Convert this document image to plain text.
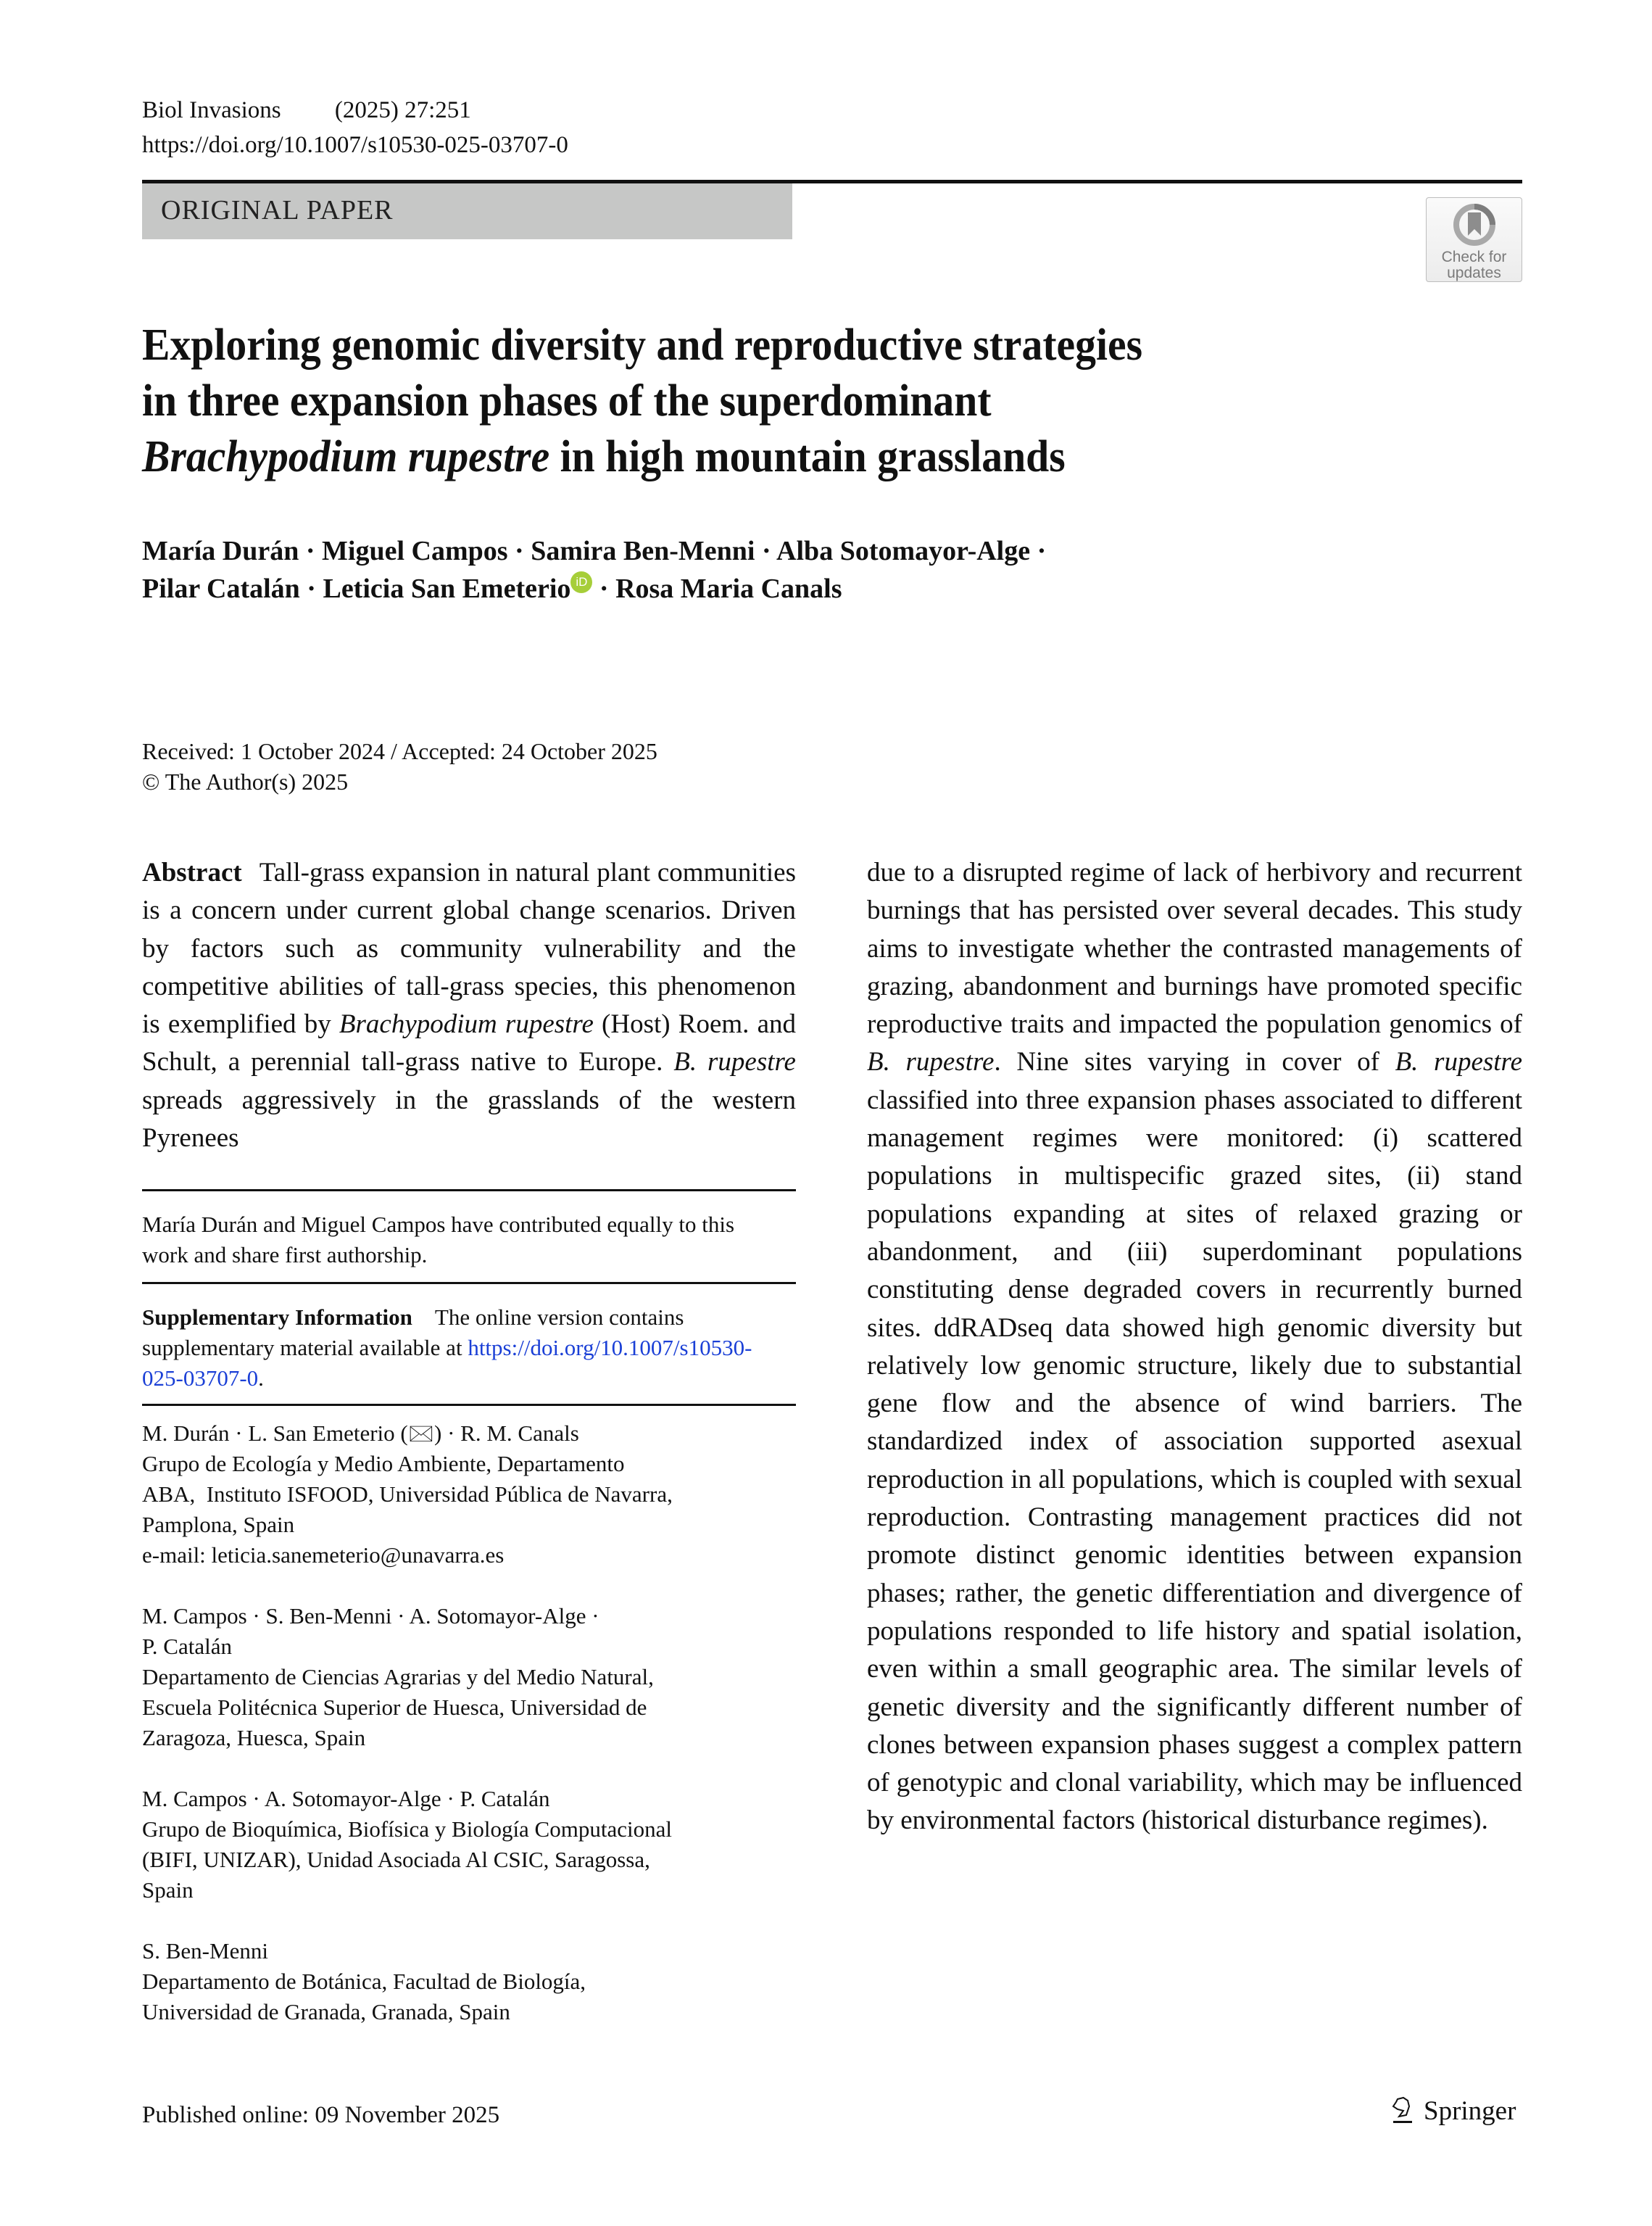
Biol Invasions (2025) 27:251
https://doi.org/10.1007/s10530-025-03707-0
ORIGINAL PAPER
Check for
updates
Exploring genomic diversity and reproductive strategies
in three expansion phases of the superdominant
Brachypodium rupestre in high mountain grasslands
María Durán · Miguel Campos · Samira Ben-Menni · Alba Sotomayor-Alge ·
Pilar Catalán · Leticia San Emeterio iD · Rosa Maria Canals
Received: 1 October 2024 / Accepted: 24 October 2025
© The Author(s) 2025
Abstract Tall-grass expansion in natural plant communities is a concern under current global change scenarios. Driven by factors such as community vulnerability and the competitive abilities of tall-grass species, this phenomenon is exemplified by Brachypodium rupestre (Host) Roem. and Schult, a perennial tall-grass native to Europe. B. rupestre spreads aggressively in the grasslands of the western Pyrenees
due to a disrupted regime of lack of herbivory and recurrent burnings that has persisted over several decades. This study aims to investigate whether the contrasted managements of grazing, abandonment and burnings have promoted specific reproductive traits and impacted the population genomics of B. rupestre. Nine sites varying in cover of B. rupestre classified into three expansion phases associated to different management regimes were monitored: (i) scattered populations in multispecific grazed sites, (ii) stand populations expanding at sites of relaxed grazing or abandonment, and (iii) superdominant populations constituting dense degraded covers in recurrently burned sites. ddRADseq data showed high genomic diversity but relatively low genomic structure, likely due to substantial gene flow and the absence of wind barriers. The standardized index of association supported asexual reproduction in all populations, which is coupled with sexual reproduction. Contrasting management practices did not promote distinct genomic identities between expansion phases; rather, the genetic differentiation and divergence of populations responded to life history and spatial isolation, even within a small geographic area. The similar levels of genetic diversity and the significantly different number of clones between expansion phases suggest a complex pattern of genotypic and clonal variability, which may be influenced by environmental factors (historical disturbance regimes).
María Durán and Miguel Campos have contributed equally to this work and share first authorship.
Supplementary Information The online version contains supplementary material available at https://doi.org/10.1007/s10530-025-03707-0.

M. Durán · L. San Emeterio (🖂) · R. M. Canals

Grupo de Ecología y Medio Ambiente, Departamento

ABA,  Instituto ISFOOD, Universidad Pública de Navarra,

Pamplona, Spain

e-mail: leticia.sanemeterio@unavarra.es

M. Campos · S. Ben-Menni · A. Sotomayor-Alge ·

P. Catalán

Departamento de Ciencias Agrarias y del Medio Natural,

Escuela Politécnica Superior de Huesca, Universidad de

Zaragoza, Huesca, Spain

M. Campos · A. Sotomayor-Alge · P. Catalán

Grupo de Bioquímica, Biofísica y Biología Computacional

(BIFI, UNIZAR), Unidad Asociada Al CSIC, Saragossa,

Spain

S. Ben-Menni

Departamento de Botánica, Facultad de Biología,

Universidad de Granada, Granada, Spain

Published online: 09 November 2025	Springer
